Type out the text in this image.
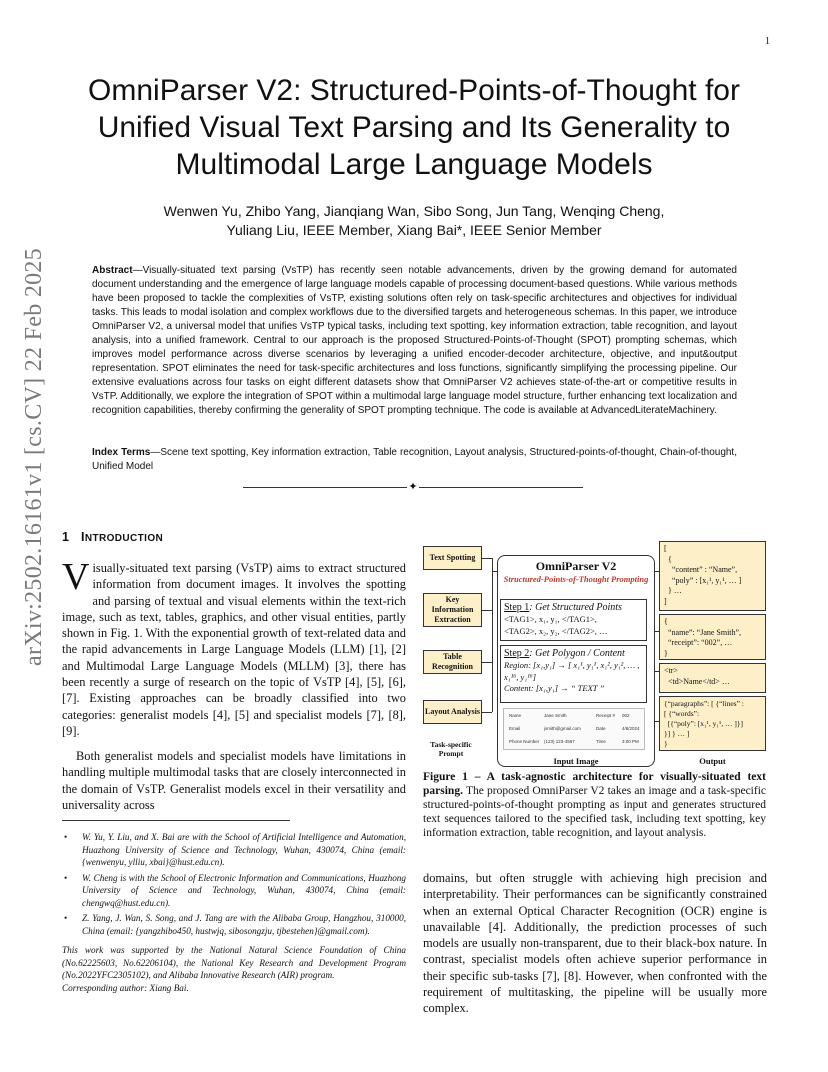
1
arXiv:2502.16161v1 [cs.CV] 22 Feb 2025
OmniParser V2: Structured-Points-of-Thought for Unified Visual Text Parsing and Its Generality to Multimodal Large Language Models
Wenwen Yu, Zhibo Yang, Jianqiang Wan, Sibo Song, Jun Tang, Wenqing Cheng,
Yuliang Liu, IEEE Member, Xiang Bai*, IEEE Senior Member
Abstract—Visually-situated text parsing (VsTP) has recently seen notable advancements, driven by the growing demand for automated document understanding and the emergence of large language models capable of processing document-based questions. While various methods have been proposed to tackle the complexities of VsTP, existing solutions often rely on task-specific architectures and objectives for individual tasks. This leads to modal isolation and complex workflows due to the diversified targets and heterogeneous schemas. In this paper, we introduce OmniParser V2, a universal model that unifies VsTP typical tasks, including text spotting, key information extraction, table recognition, and layout analysis, into a unified framework. Central to our approach is the proposed Structured-Points-of-Thought (SPOT) prompting schemas, which improves model performance across diverse scenarios by leveraging a unified encoder-decoder architecture, objective, and input&output representation. SPOT eliminates the need for task-specific architectures and loss functions, significantly simplifying the processing pipeline. Our extensive evaluations across four tasks on eight different datasets show that OmniParser V2 achieves state-of-the-art or competitive results in VsTP. Additionally, we explore the integration of SPOT within a multimodal large language model structure, further enhancing text localization and recognition capabilities, thereby confirming the generality of SPOT prompting technique. The code is available at AdvancedLiterateMachinery.
Index Terms—Scene text spotting, Key information extraction, Table recognition, Layout analysis, Structured-points-of-thought, Chain-of-thought, Unified Model
✦
1 INTRODUCTION
Visually-situated text parsing (VsTP) aims to extract structured information from document images. It involves the spotting and parsing of textual and visual elements within the text-rich image, such as text, tables, graphics, and other visual entities, partly shown in Fig. 1. With the exponential growth of text-related data and the rapid advancements in Large Language Models (LLM) [1], [2] and Multimodal Large Language Models (MLLM) [3], there has been recently a surge of research on the topic of VsTP [4], [5], [6], [7]. Existing approaches can be broadly classified into two categories: generalist models [4], [5] and specialist models [7], [8], [9].
Both generalist models and specialist models have limitations in handling multiple multimodal tasks that are closely interconnected in the domain of VsTP. Generalist models excel in their versatility and universality across
• W. Yu, Y. Liu, and X. Bai are with the School of Artificial Intelligence and Automation, Huazhong University of Science and Technology, Wuhan, 430074, China (email: {wenwenyu, ylliu, xbai}@hust.edu.cn).
• W. Cheng is with the School of Electronic Information and Communications, Huazhong University of Science and Technology, Wuhan, 430074, China (email: chengwq@hust.edu.cn).
• Z. Yang, J. Wan, S. Song, and J. Tang are with the Alibaba Group, Hangzhou, 310000, China (email: {yangzhibo450, hustwjq, sibosongzju, tjbestehen}@gmail.com).
This work was supported by the National Natural Science Foundation of China (No.62225603, No.62206104), the National Key Research and Development Program (No.2022YFC2305102), and Alibaba Innovative Research (AIR) program.
Corresponding author: Xiang Bai.
Text Spotting
Key Information Extraction
Table Recognition
Layout Analysis
Task-specific Prompt
OmniParser V2
Structured-Points-of-Thought Prompting
Step 1: Get Structured Points
<TAG1>, x₁, y₁, </TAG1>,
<TAG2>, x₂, y₂, </TAG2>, …
Step 2: Get Polygon / Content
Region: [x₁,y₁] → [ x₁¹, y₁¹, x₁², y₁², … , x₁¹⁶, y₁¹⁶]
Content: [x₁,y₁] → “ TEXT ”
Name	Jane Smith	Receipt # 002
Email	jsmith@gmail.com	Date	4/8/2024
Phone Number (123) 123-4567	Time	3:00 PM
Input Image
[
{
“content” : “Name”,
“poly” : [x₁¹, y₁¹, … ]
} …
]
{
“name”: “Jane Smith”,
“receipt”: “002”, …
}
<tr>
<td>Name</td> …
{“paragraphs”: [ {“lines” :
[ {“words”:
[{“poly”: [x₁¹, y₁¹, … ]}]
}] } … ]
}
Output
Figure 1 – A task-agnostic architecture for visually-situated text parsing. The proposed OmniParser V2 takes an image and a task-specific structured-points-of-thought prompting as input and generates structured text sequences tailored to the specified task, including text spotting, key information extraction, table recognition, and layout analysis.
domains, but often struggle with achieving high precision and interpretability. Their performances can be significantly constrained when an external Optical Character Recognition (OCR) engine is unavailable [4]. Additionally, the prediction processes of such models are usually non-transparent, due to their black-box nature. In contrast, specialist models often achieve superior performance in their specific sub-tasks [7], [8]. However, when confronted with the requirement of multitasking, the pipeline will be usually more complex.
